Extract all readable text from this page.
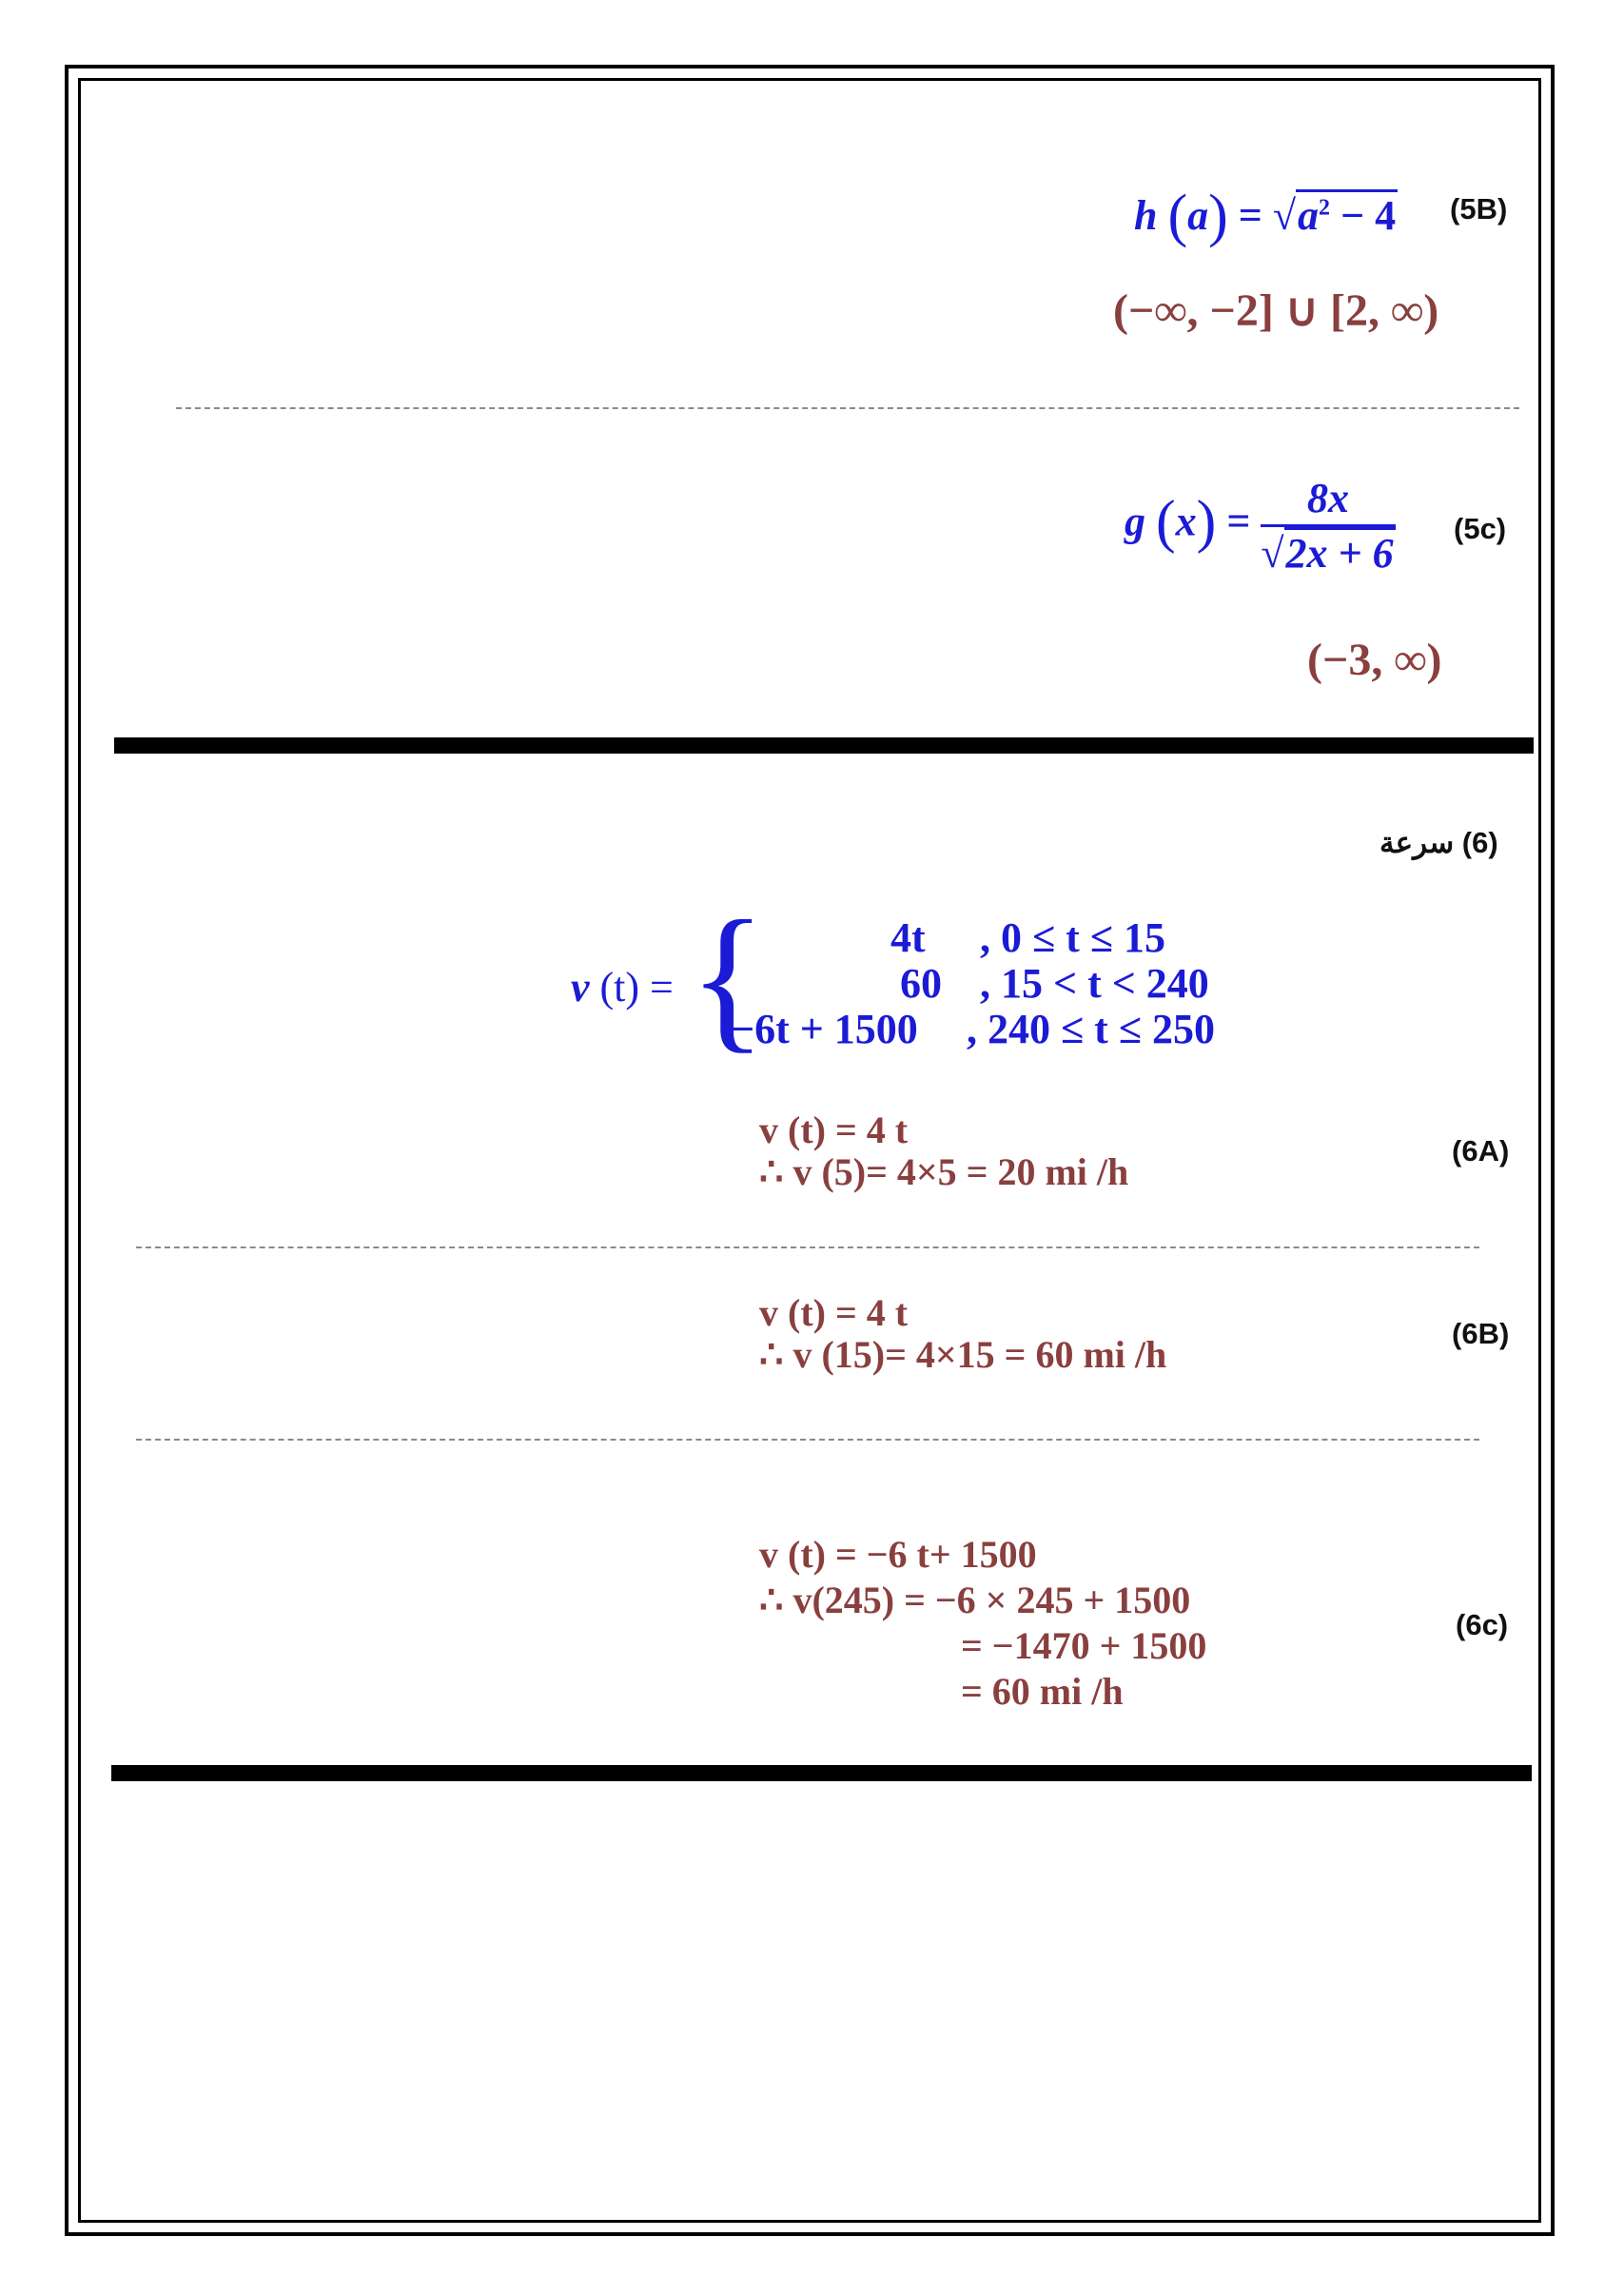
h $(a) = √a^2 - 4$ (5B)
(−∞, −2] ∪ [2, ∞)
g $(x) = \frac{8x}{√2x + 6} (5c)$
(−3, ∞)
(6) سرعة
v (t) = {	4t , 0 ≤ t ≤ 15
60 , 15 < t < 240
−6t + 1500 , 240 ≤ t ≤ 250
v (t) = 4 t
∴ v (5)= 4×5 = 20 mi /h	(6A)
v (t) = 4 t
∴ v (15)= 4×15 = 60 mi /h	(6B)
v (t) = −6 t+ 1500
∴ v(245) = −6 × 245 + 1500
= −1470 + 1500
= 60 mi /h
(6c)
